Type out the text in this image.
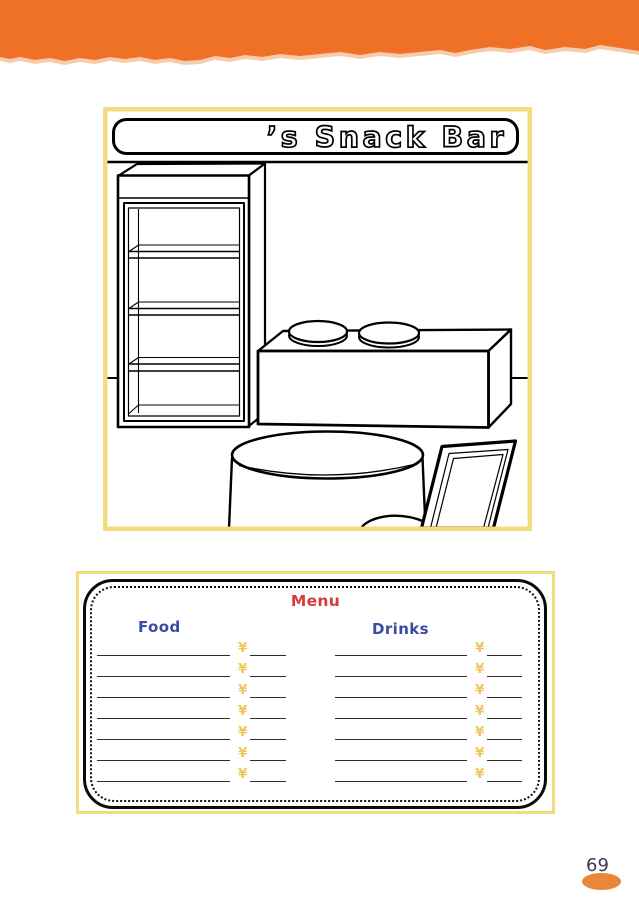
’s Snack Bar
Menu
Food	Drinks
¥
¥
¥
¥
¥
¥
¥
¥
¥
¥
¥
¥
¥
¥
69
